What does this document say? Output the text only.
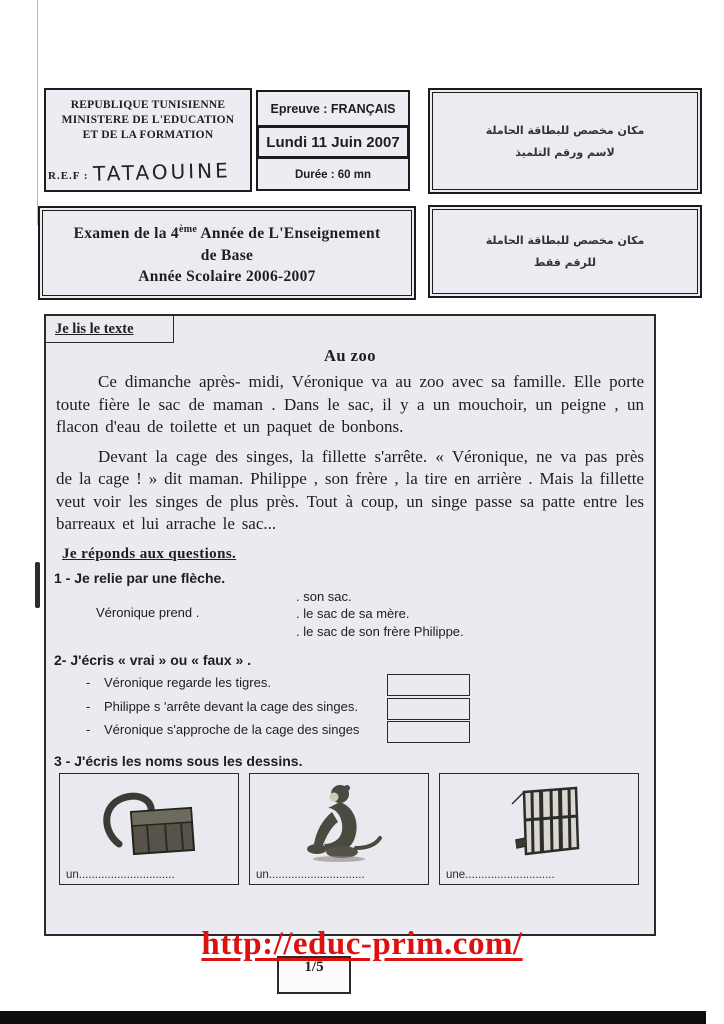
REPUBLIQUE TUNISIENNE
MINISTERE DE L'EDUCATION
ET DE LA FORMATION
R.E.F : TATAOUINE
Epreuve : FRANÇAIS
Lundi 11 Juin 2007
Durée : 60 mn
مكان مخصص للبطاقة الحاملة
لاسم ورقم التلميذ
Examen de la 4ème Année de L'Enseignement
de Base
Année Scolaire 2006-2007
مكان مخصص للبطاقة الحاملة
للرقم فقط
Je lis le texte
Au zoo

Ce dimanche après- midi, Véronique va au zoo avec sa famille. Elle porte toute fière le sac de maman . Dans le sac, il y a un mouchoir, un peigne , un flacon d'eau de toilette et un paquet de bonbons.

Devant la cage des singes, la fillette s'arrête. « Véronique, ne va pas près de la cage ! » dit maman. Philippe , son frère , la tire en arrière . Mais la fillette veut voir les singes de plus près. Tout à coup, un singe passe sa patte entre les barreaux et lui arrache le sac...

Je réponds aux questions.
1 - Je relie par une flèche.
Véronique prend .
. son sac.
. le sac de sa mère.
. le sac de son frère Philippe.
2- J'écris « vrai » ou « faux » .
- Véronique regarde les tigres.
- Philippe s 'arrête devant la cage des singes.
- Véronique s'approche de la cage des singes
3 - J'écris les noms sous les dessins.
un..............................	un..............................	une............................
1/5
http://educ-prim.com/
